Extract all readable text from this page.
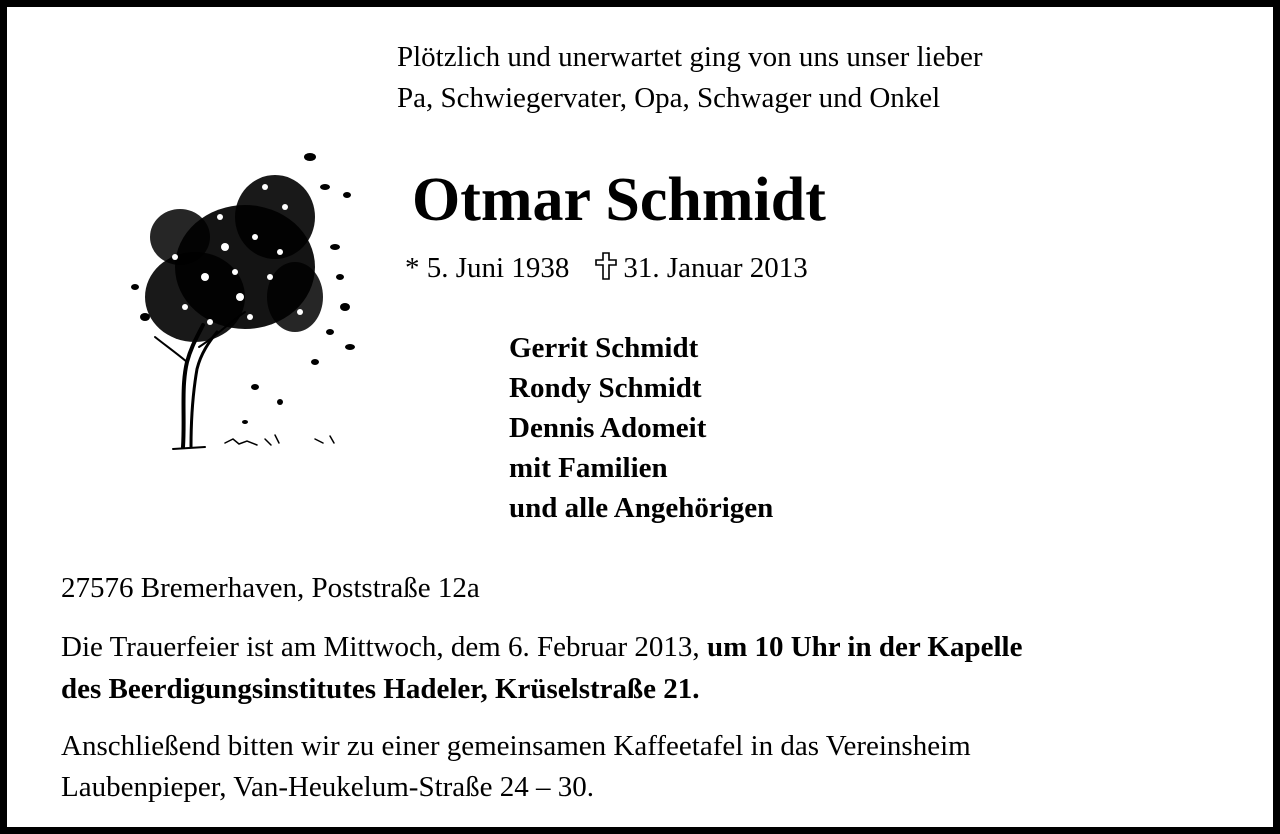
Plötzlich und unerwartet ging von uns unser lieber
Pa, Schwiegervater, Opa, Schwager und Onkel
Otmar Schmidt
* 5. Juni 1938 31. Januar 2013
Gerrit Schmidt
Rondy Schmidt
Dennis Adomeit
mit Familien
und alle Angehörigen
27576 Bremerhaven, Poststraße 12a
Die Trauerfeier ist am Mittwoch, dem 6. Februar 2013, um 10 Uhr in der Kapelle
des Beerdigungsinstitutes Hadeler, Krüselstraße 21.
Anschließend bitten wir zu einer gemeinsamen Kaffeetafel in das Vereinsheim
Laubenpieper, Van-Heukelum-Straße 24 – 30.
